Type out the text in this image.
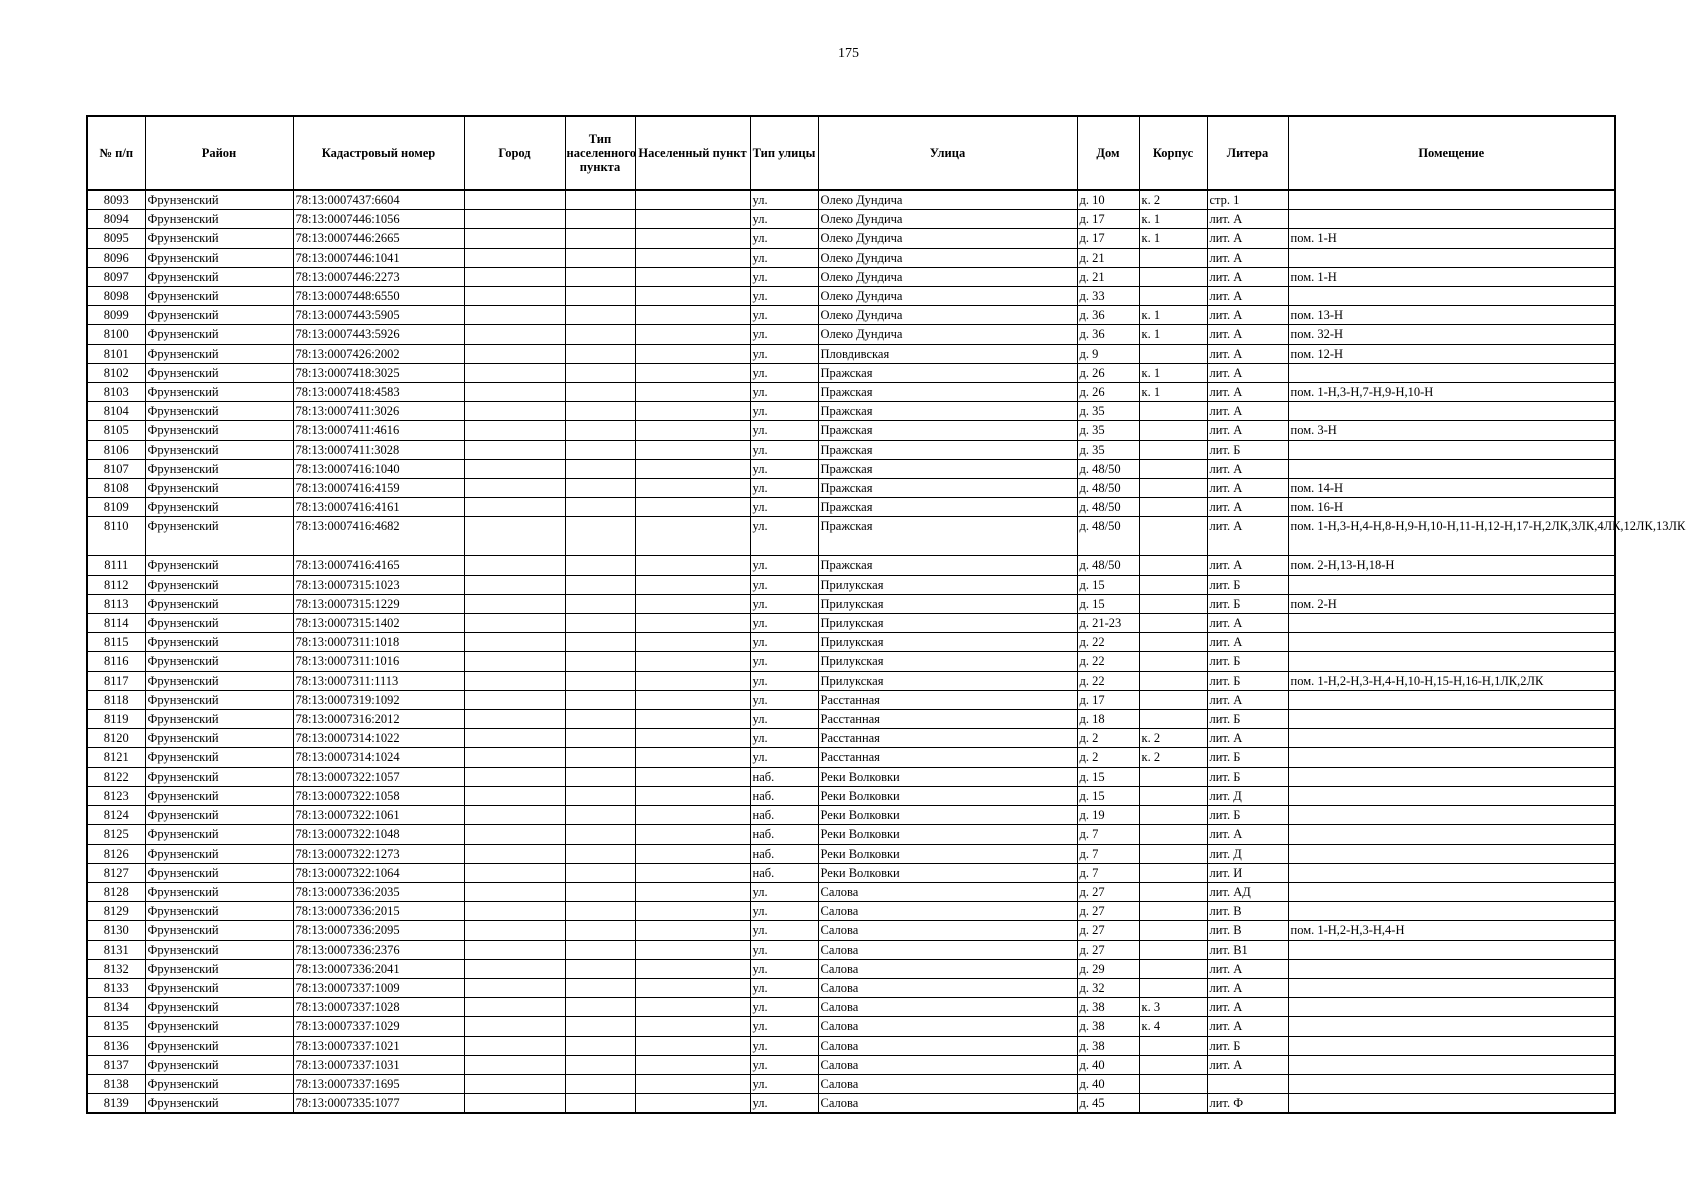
175
№ п/п	Район	Кадастровый номер	Город	Тип населенного пункта	Населенный пункт	Тип улицы	Улица	Дом	Корпус	Литера	Помещение
8093	Фрунзенский	78:13:0007437:6604				ул.	Олеко Дундича	д. 10	к. 2	стр. 1	
8094	Фрунзенский	78:13:0007446:1056				ул.	Олеко Дундича	д. 17	к. 1	лит. А	
8095	Фрунзенский	78:13:0007446:2665				ул.	Олеко Дундича	д. 17	к. 1	лит. А	пом. 1-Н
8096	Фрунзенский	78:13:0007446:1041				ул.	Олеко Дундича	д. 21		лит. А	
8097	Фрунзенский	78:13:0007446:2273				ул.	Олеко Дундича	д. 21		лит. А	пом. 1-Н
8098	Фрунзенский	78:13:0007448:6550				ул.	Олеко Дундича	д. 33		лит. А	
8099	Фрунзенский	78:13:0007443:5905				ул.	Олеко Дундича	д. 36	к. 1	лит. А	пом. 13-Н
8100	Фрунзенский	78:13:0007443:5926				ул.	Олеко Дундича	д. 36	к. 1	лит. А	пом. 32-Н
8101	Фрунзенский	78:13:0007426:2002				ул.	Пловдивская	д. 9		лит. А	пом. 12-Н
8102	Фрунзенский	78:13:0007418:3025				ул.	Пражская	д. 26	к. 1	лит. А	
8103	Фрунзенский	78:13:0007418:4583				ул.	Пражская	д. 26	к. 1	лит. А	пом. 1-Н,3-Н,7-Н,9-Н,10-Н
8104	Фрунзенский	78:13:0007411:3026				ул.	Пражская	д. 35		лит. А	
8105	Фрунзенский	78:13:0007411:4616				ул.	Пражская	д. 35		лит. А	пом. 3-Н
8106	Фрунзенский	78:13:0007411:3028				ул.	Пражская	д. 35		лит. Б	
8107	Фрунзенский	78:13:0007416:1040				ул.	Пражская	д. 48/50		лит. А	
8108	Фрунзенский	78:13:0007416:4159				ул.	Пражская	д. 48/50		лит. А	пом. 14-Н
8109	Фрунзенский	78:13:0007416:4161				ул.	Пражская	д. 48/50		лит. А	пом. 16-Н
8110	Фрунзенский	78:13:0007416:4682				ул.	Пражская	д. 48/50		лит. А	пом. 1-Н,3-Н,4-Н,8-Н,9-Н,10-Н,11-Н,12-Н,17-Н,2ЛК,3ЛК,4ЛК,12ЛК,13ЛК
8111	Фрунзенский	78:13:0007416:4165				ул.	Пражская	д. 48/50		лит. А	пом. 2-Н,13-Н,18-Н
8112	Фрунзенский	78:13:0007315:1023				ул.	Прилукская	д. 15		лит. Б	
8113	Фрунзенский	78:13:0007315:1229				ул.	Прилукская	д. 15		лит. Б	пом. 2-Н
8114	Фрунзенский	78:13:0007315:1402				ул.	Прилукская	д. 21-23		лит. А	
8115	Фрунзенский	78:13:0007311:1018				ул.	Прилукская	д. 22		лит. А	
8116	Фрунзенский	78:13:0007311:1016				ул.	Прилукская	д. 22		лит. Б	
8117	Фрунзенский	78:13:0007311:1113				ул.	Прилукская	д. 22		лит. Б	пом. 1-Н,2-Н,3-Н,4-Н,10-Н,15-Н,16-Н,1ЛК,2ЛК
8118	Фрунзенский	78:13:0007319:1092				ул.	Расстанная	д. 17		лит. А	
8119	Фрунзенский	78:13:0007316:2012				ул.	Расстанная	д. 18		лит. Б	
8120	Фрунзенский	78:13:0007314:1022				ул.	Расстанная	д. 2	к. 2	лит. А	
8121	Фрунзенский	78:13:0007314:1024				ул.	Расстанная	д. 2	к. 2	лит. Б	
8122	Фрунзенский	78:13:0007322:1057				наб.	Реки Волковки	д. 15		лит. Б	
8123	Фрунзенский	78:13:0007322:1058				наб.	Реки Волковки	д. 15		лит. Д	
8124	Фрунзенский	78:13:0007322:1061				наб.	Реки Волковки	д. 19		лит. Б	
8125	Фрунзенский	78:13:0007322:1048				наб.	Реки Волковки	д. 7		лит. А	
8126	Фрунзенский	78:13:0007322:1273				наб.	Реки Волковки	д. 7		лит. Д	
8127	Фрунзенский	78:13:0007322:1064				наб.	Реки Волковки	д. 7		лит. И	
8128	Фрунзенский	78:13:0007336:2035				ул.	Салова	д. 27		лит. АД	
8129	Фрунзенский	78:13:0007336:2015				ул.	Салова	д. 27		лит. В	
8130	Фрунзенский	78:13:0007336:2095				ул.	Салова	д. 27		лит. В	пом. 1-Н,2-Н,3-Н,4-Н
8131	Фрунзенский	78:13:0007336:2376				ул.	Салова	д. 27		лит. В1	
8132	Фрунзенский	78:13:0007336:2041				ул.	Салова	д. 29		лит. А	
8133	Фрунзенский	78:13:0007337:1009				ул.	Салова	д. 32		лит. А	
8134	Фрунзенский	78:13:0007337:1028				ул.	Салова	д. 38	к. 3	лит. А	
8135	Фрунзенский	78:13:0007337:1029				ул.	Салова	д. 38	к. 4	лит. А	
8136	Фрунзенский	78:13:0007337:1021				ул.	Салова	д. 38		лит. Б	
8137	Фрунзенский	78:13:0007337:1031				ул.	Салова	д. 40		лит. А	
8138	Фрунзенский	78:13:0007337:1695				ул.	Салова	д. 40			
8139	Фрунзенский	78:13:0007335:1077				ул.	Салова	д. 45		лит. Ф	
